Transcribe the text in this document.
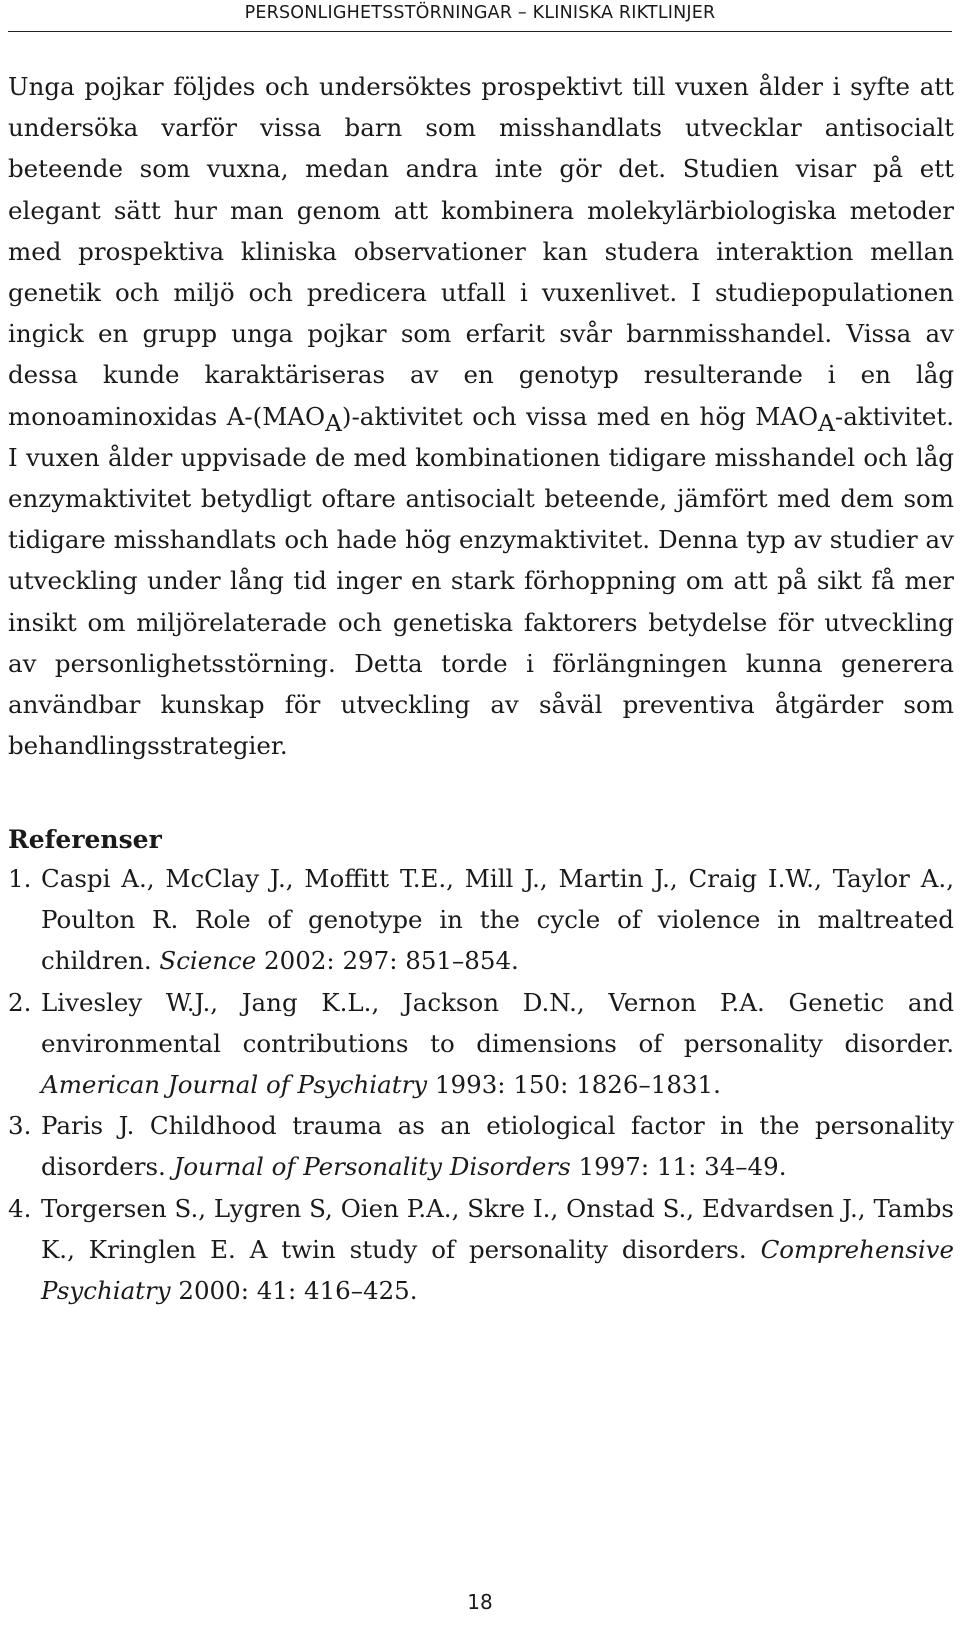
PERSONLIGHETSSTÖRNINGAR – KLINISKA RIKTLINJER

Unga pojkar följdes och undersöktes prospektivt till vuxen ålder i syfte att undersöka varför vissa barn som misshandlats utvecklar antisocialt beteende som vuxna, medan andra inte gör det. Studien visar på ett elegant sätt hur man genom att kombinera molekylärbiologiska metoder med prospektiva kliniska observationer kan studera interaktion mellan genetik och miljö och predicera utfall i vuxenlivet. I studiepopulationen ingick en grupp unga pojkar som erfarit svår barnmisshandel. Vissa av dessa kunde karaktäriseras av en genotyp resulterande i en låg monoaminoxidas A-(MAOA)-aktivitet och vissa med en hög MAOA-aktivitet. I vuxen ålder uppvisade de med kombinationen tidigare misshandel och låg enzymaktivitet betydligt oftare antisocialt beteende, jämfört med dem som tidigare misshandlats och hade hög enzymaktivitet. Denna typ av studier av utveckling under lång tid inger en stark förhoppning om att på sikt få mer insikt om miljörelaterade och genetiska faktorers betydelse för utveckling av personlighetsstörning. Detta torde i förlängningen kunna generera användbar kunskap för utveckling av såväl preventiva åtgärder som behandlingsstrategier.

Referenser
1. Caspi A., McClay J., Moffitt T.E., Mill J., Martin J., Craig I.W., Taylor A., Poulton R. Role of genotype in the cycle of violence in maltreated children. Science 2002: 297: 851–854.
2. Livesley W.J., Jang K.L., Jackson D.N., Vernon P.A. Genetic and environmental contributions to dimensions of personality disorder. American Journal of Psychiatry 1993: 150: 1826–1831.
3. Paris J. Childhood trauma as an etiological factor in the personality disorders. Journal of Personality Disorders 1997: 11: 34–49.
4. Torgersen S., Lygren S, Oien P.A., Skre I., Onstad S., Edvardsen J., Tambs K., Kringlen E. A twin study of personality disorders. Comprehensive Psychiatry 2000: 41: 416–425.
18
